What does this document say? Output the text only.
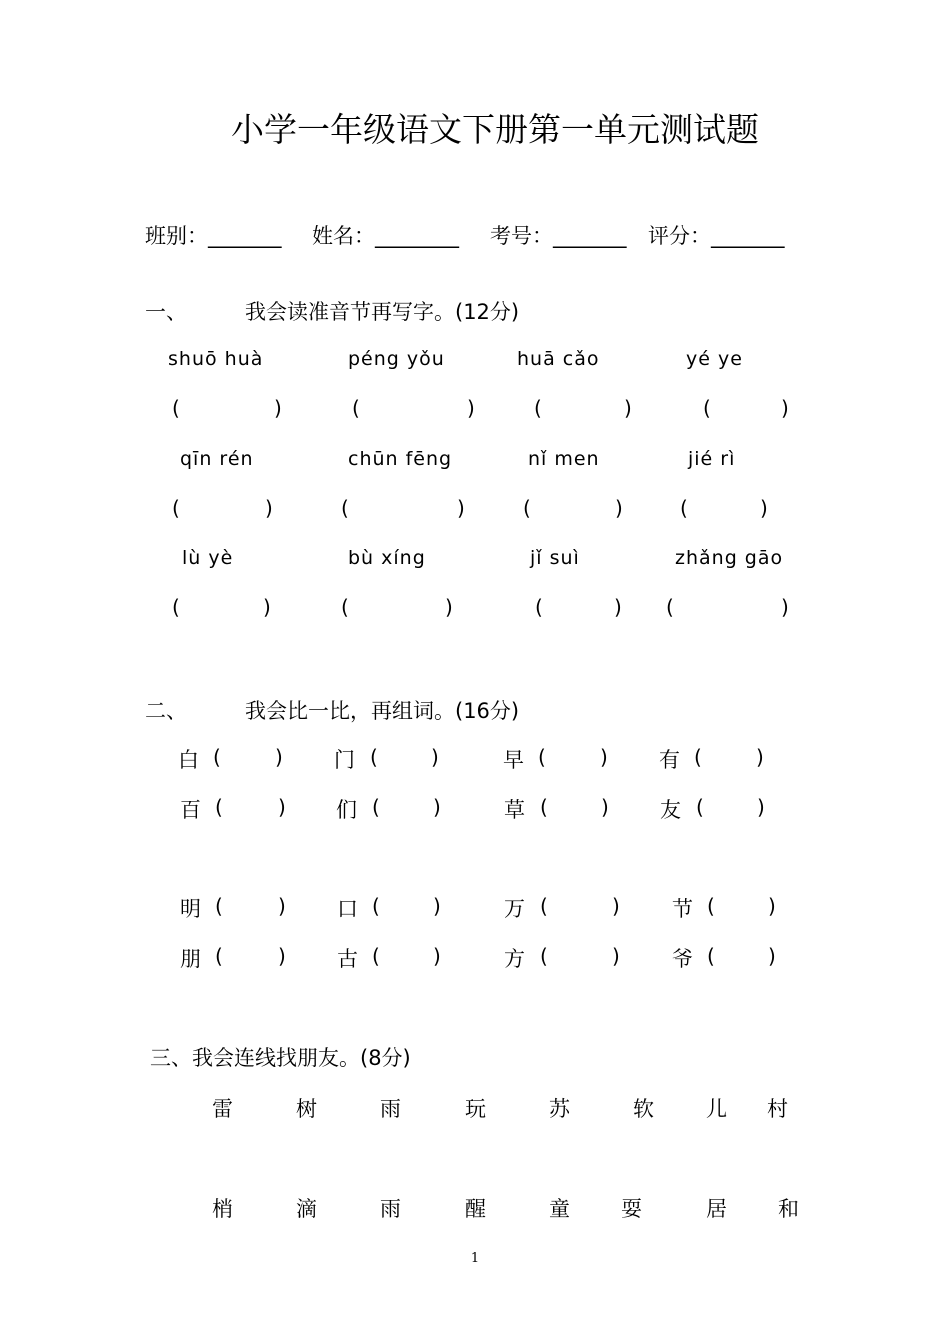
小学一年级语文下册第一单元测试题
班别：_______ 姓名：________ 考号：_______ 评分：_______
一、	我会读准音节再写字。(12分)
shuō huà	péng yǒu	huā cǎo	yé ye
(	)	(	)	(	)	(	)
qīn rén	chūn fēng	nǐ men	jié rì
(	)	(	)	(	)	(	)
lù yè	bù xíng	jǐ suì	zhǎng gāo
(	)	(	)	(	) (	)
二、	我会比一比，再组词。(16分)
白 (	) 门 (	)	早 (	) 有 (	)
百 (	) 们 (	)	草 (	) 友 (	)
明 (	) 口 (	)	万 (	) 节 (	)
朋 (	) 古 (	)	方 (	) 爷 (	)
三、我会连线找朋友。(8分)
雷	树	雨	玩	苏	软 儿 村
梢	滴	雨	醒	童 耍	居 和
1
